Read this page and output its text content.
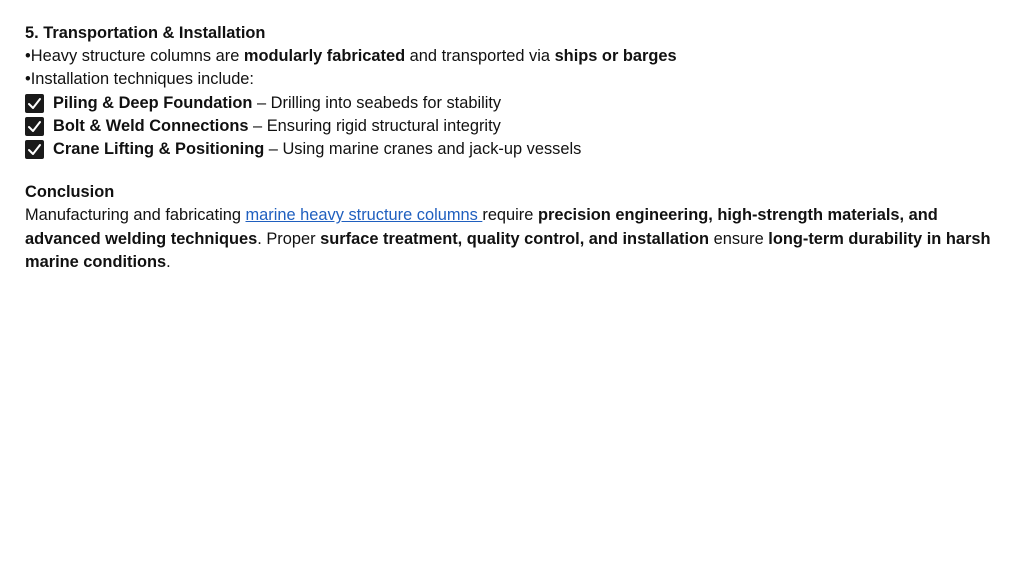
5. Transportation & Installation
•Heavy structure columns are modularly fabricated and transported via ships or barges
•Installation techniques include:
Piling & Deep Foundation – Drilling into seabeds for stability
Bolt & Weld Connections – Ensuring rigid structural integrity
Crane Lifting & Positioning – Using marine cranes and jack-up vessels
Conclusion
Manufacturing and fabricating marine heavy structure columns require precision engineering, high-strength materials, and advanced welding techniques. Proper surface treatment, quality control, and installation ensure long-term durability in harsh marine conditions.
